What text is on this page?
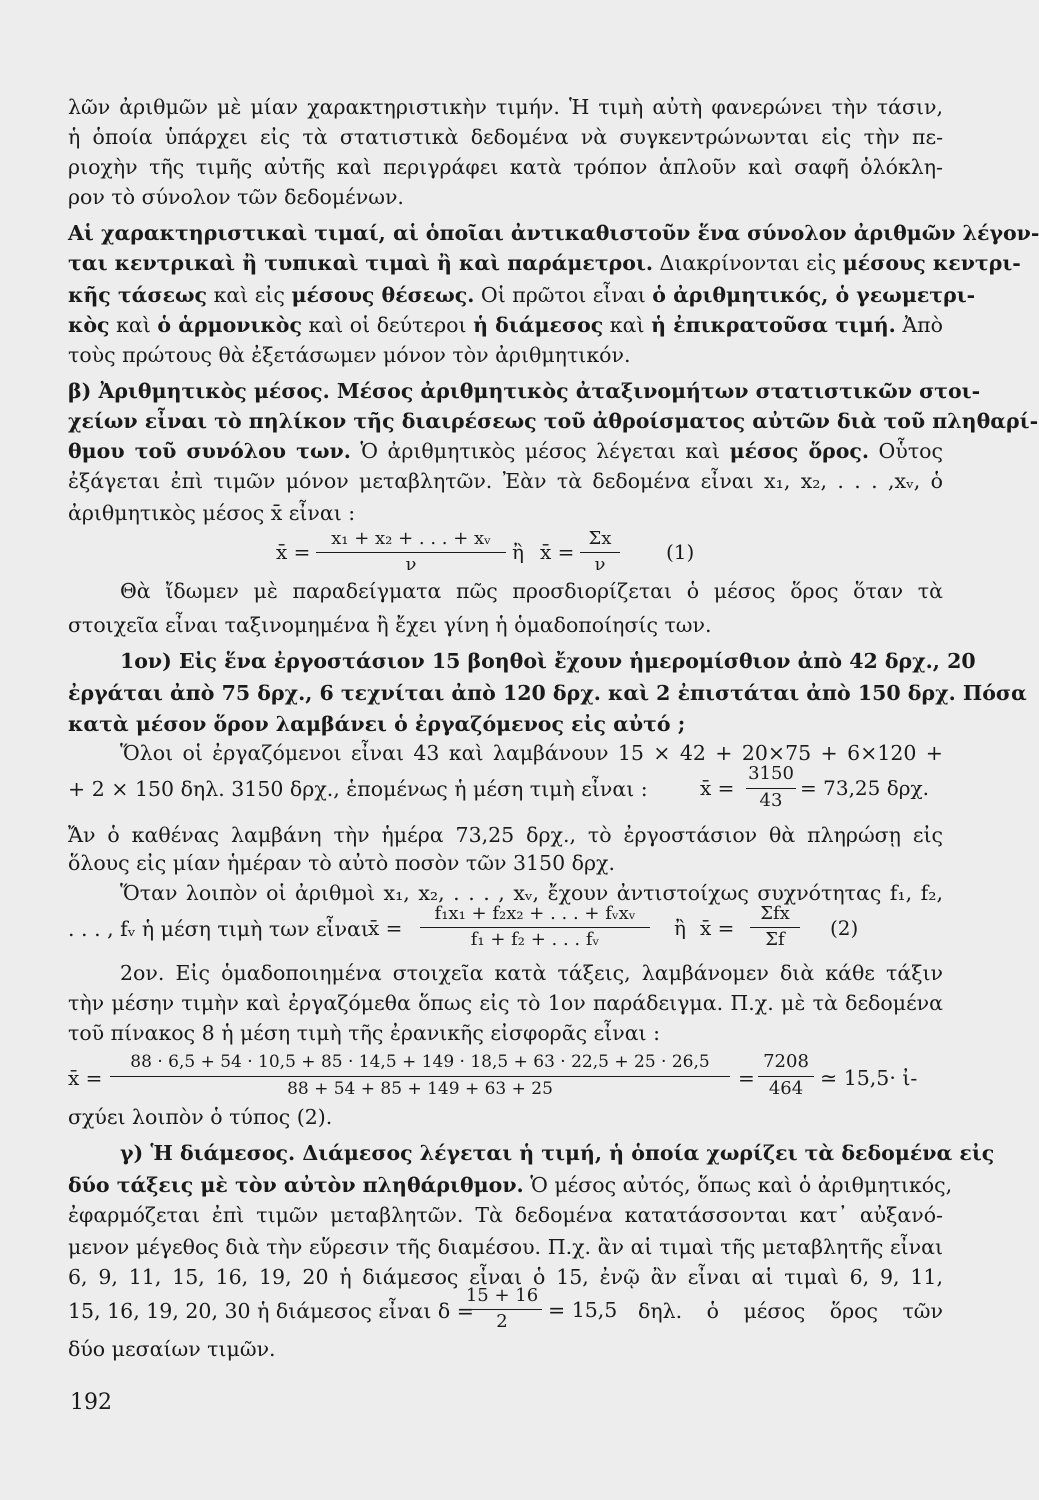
λῶν ἀριθμῶν μὲ μίαν χαρακτηριστικὴν τιμήν. Ἡ τιμὴ αὐτὴ φανερώνει τὴν τάσιν,
ἡ ὁποία ὑπάρχει εἰς τὰ στατιστικὰ δεδομένα νὰ συγκεντρώνωνται εἰς τὴν πε-
ριοχὴν τῆς τιμῆς αὐτῆς καὶ περιγράφει κατὰ τρόπον ἁπλοῦν καὶ σαφῆ ὁλόκλη-
ρον τὸ σύνολον τῶν δεδομένων.
Αἱ χαρακτηριστικαὶ τιμαί, αἱ ὁποῖαι ἀντικαθιστοῦν ἕνα σύνολον ἀριθμῶν λέγον-
ται κεντρικαὶ ἢ τυπικαὶ τιμαὶ ἢ καὶ παράμετροι. Διακρίνονται εἰς μέσους κεντρι-
κῆς τάσεως καὶ εἰς μέσους θέσεως. Οἱ πρῶτοι εἶναι ὁ ἀριθμητικός, ὁ γεωμετρι-
κὸς καὶ ὁ ἁρμονικὸς καὶ οἱ δεύτεροι ἡ διάμεσος καὶ ἡ ἐπικρατοῦσα τιμή. Ἀπὸ
τοὺς πρώτους θὰ ἐξετάσωμεν μόνον τὸν ἀριθμητικόν.
β) Ἀριθμητικὸς μέσος. Μέσος ἀριθμητικὸς ἀταξινομήτων στατιστικῶν στοι-
χείων εἶναι τὸ πηλίκον τῆς διαιρέσεως τοῦ ἀθροίσματος αὐτῶν διὰ τοῦ πληθαρί-
θμου τοῦ συνόλου των. Ὁ ἀριθμητικὸς μέσος λέγεται καὶ μέσος ὅρος. Οὗτος
ἐξάγεται ἐπὶ τιμῶν μόνον μεταβλητῶν. Ἐὰν τὰ δεδομένα εἶναι x₁, x₂, . . . ,xᵥ, ὁ
ἀριθμητικὸς μέσος x̄ εἶναι :
x̄ =
x₁ + x₂ + . . . + xᵥ
ν
ἢ x̄ =
Σx
ν
(1)
Θὰ ἴδωμεν μὲ παραδείγματα πῶς προσδιορίζεται ὁ μέσος ὅρος ὅταν τὰ
στοιχεῖα εἶναι ταξινομημένα ἢ ἔχει γίνη ἡ ὁμαδοποίησίς των.
1ον) Εἰς ἕνα ἐργοστάσιον 15 βοηθοὶ ἔχουν ἡμερομίσθιον ἀπὸ 42 δρχ., 20
ἐργάται ἀπὸ 75 δρχ., 6 τεχνίται ἀπὸ 120 δρχ. καὶ 2 ἐπιστάται ἀπὸ 150 δρχ. Πόσα
κατὰ μέσον ὅρον λαμβάνει ὁ ἐργαζόμενος εἰς αὐτό ;
Ὅλοι οἱ ἐργαζόμενοι εἶναι 43 καὶ λαμβάνουν 15 × 42 + 20×75 + 6×120 +
+ 2 × 150 δηλ. 3150 δρχ., ἑπομένως ἡ μέση τιμὴ εἶναι :	x̄ =
3150
43
= 73,25 δρχ.
Ἄν ὁ καθένας λαμβάνη τὴν ἡμέρα 73,25 δρχ., τὸ ἐργοστάσιον θὰ πληρώσῃ εἰς
ὅλους εἰς μίαν ἡμέραν τὸ αὐτὸ ποσὸν τῶν 3150 δρχ.
Ὅταν λοιπὸν οἱ ἀριθμοὶ x₁, x₂, . . . , xᵥ, ἔχουν ἀντιστοίχως συχνότητας f₁, f₂,
. . . , fᵥ ἡ μέση τιμὴ των εἶναι x̄ =
f₁x₁ + f₂x₂ + . . . + fᵥxᵥ
f₁ + f₂ + . . . fᵥ	ἢ x̄ =
Σfx
Σf	(2)
2ον. Εἰς ὁμαδοποιημένα στοιχεῖα κατὰ τάξεις, λαμβάνομεν διὰ κάθε τάξιν
τὴν μέσην τιμὴν καὶ ἐργαζόμεθα ὅπως εἰς τὸ 1ον παράδειγμα. Π.χ. μὲ τὰ δεδομένα
τοῦ πίνακος 8 ἡ μέση τιμὴ τῆς ἐρανικῆς εἰσφορᾶς εἶναι :
x̄ =
88 · 6,5 + 54 · 10,5 + 85 · 14,5 + 149 · 18,5 + 63 · 22,5 + 25 · 26,5
88 + 54 + 85 + 149 + 63 + 25	=
7208
464 ≃ 15,5· ἰ-
σχύει λοιπὸν ὁ τύπος (2).
γ) Ἡ διάμεσος. Διάμεσος λέγεται ἡ τιμή, ἡ ὁποία χωρίζει τὰ δεδομένα εἰς
δύο τάξεις μὲ τὸν αὐτὸν πληθάριθμον. Ὁ μέσος αὐτός, ὅπως καὶ ὁ ἀριθμητικός,
ἐφαρμόζεται ἐπὶ τιμῶν μεταβλητῶν. Τὰ δεδομένα κατατάσσονται κατ᾽ αὐξανό-
μενον μέγεθος διὰ τὴν εὕρεσιν τῆς διαμέσου. Π.χ. ἂν αἱ τιμαὶ τῆς μεταβλητῆς εἶναι
6, 9, 11, 15, 16, 19, 20 ἡ διάμεσος εἶναι ὁ 15, ἐνῷ ἂν εἶναι αἱ τιμαὶ 6, 9, 11,
15, 16, 19, 20, 30 ἡ διάμεσος εἶναι δ =
15 + 16
2	= 15,5 δηλ. ὁ μέσος ὅρος τῶν
δύο μεσαίων τιμῶν.
192
